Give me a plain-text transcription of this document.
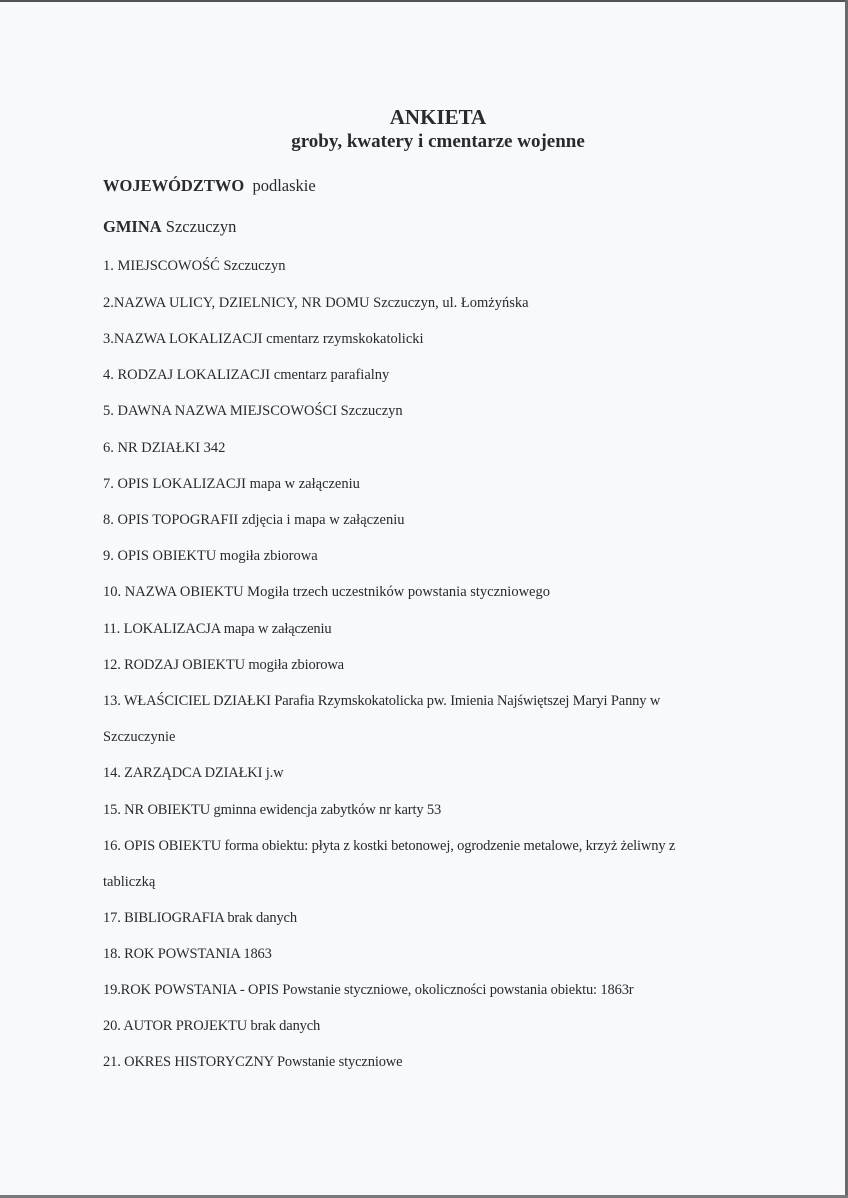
ANKIETA
groby, kwatery i cmentarze wojenne
WOJEWÓDZTWO podlaskie
GMINA Szczuczyn
1. MIEJSCOWOŚĆ Szczuczyn
2.NAZWA ULICY, DZIELNICY, NR DOMU Szczuczyn, ul. Łomżyńska
3.NAZWA LOKALIZACJI cmentarz rzymskokatolicki
4. RODZAJ LOKALIZACJI cmentarz parafialny
5. DAWNA NAZWA MIEJSCOWOŚCI Szczuczyn
6. NR DZIAŁKI 342
7. OPIS LOKALIZACJI mapa w załączeniu
8. OPIS TOPOGRAFII zdjęcia i mapa w załączeniu
9. OPIS OBIEKTU mogiła zbiorowa
10. NAZWA OBIEKTU Mogiła trzech uczestników powstania styczniowego
11. LOKALIZACJA mapa w załączeniu
12. RODZAJ OBIEKTU mogiła zbiorowa
13. WŁAŚCICIEL DZIAŁKI Parafia Rzymskokatolicka pw. Imienia Najświętszej Maryi Panny w
Szczuczynie
14. ZARZĄDCA DZIAŁKI j.w
15. NR OBIEKTU gminna ewidencja zabytków nr karty 53
16. OPIS OBIEKTU forma obiektu: płyta z kostki betonowej, ogrodzenie metalowe, krzyż żeliwny z
tabliczką
17. BIBLIOGRAFIA brak danych
18. ROK POWSTANIA 1863
19.ROK POWSTANIA - OPIS Powstanie styczniowe, okoliczności powstania obiektu: 1863r
20. AUTOR PROJEKTU brak danych
21. OKRES HISTORYCZNY Powstanie styczniowe
